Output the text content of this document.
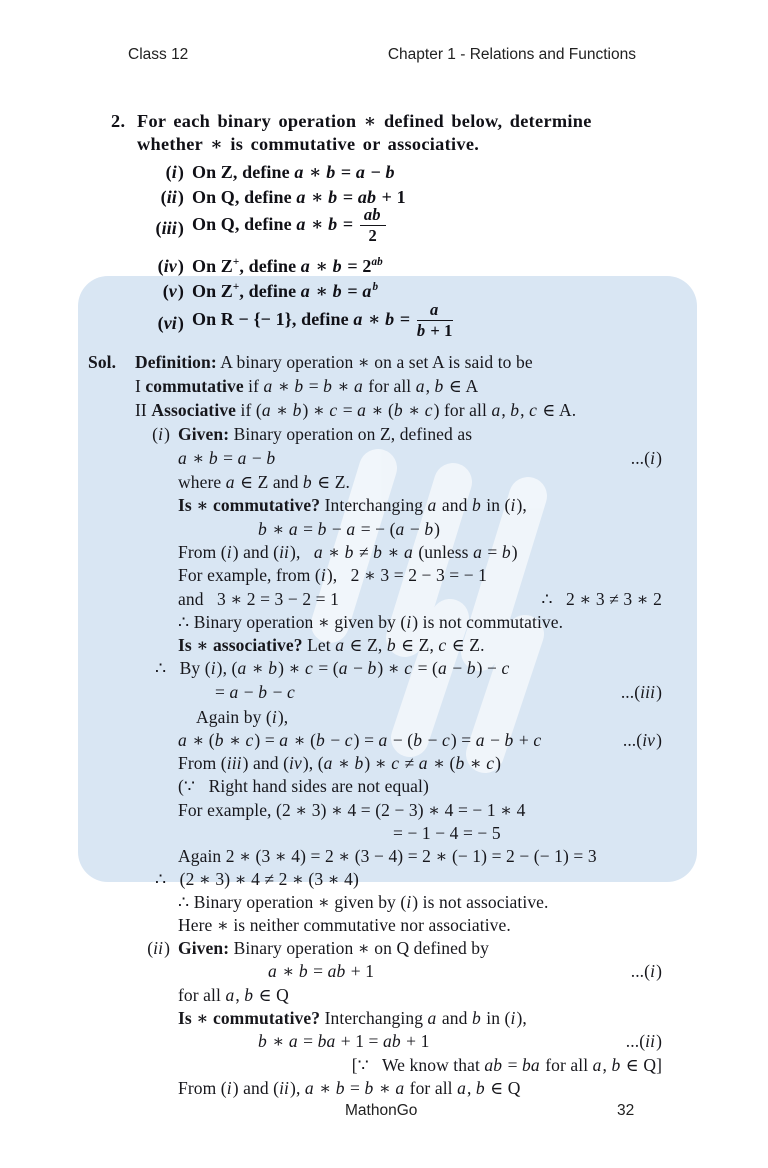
Class 12	Chapter 1 - Relations and Functions
2. For each binary operation ∗ defined below, determine
whether ∗ is commutative or associative.
(i) On Z, define a ∗ b = a − b
(ii) On Q, define a ∗ b = ab + 1
(iii) On Q, define a ∗ $b = \frac{ab}{2}$
(iv) On Z+, define a ∗ $b = 2^{ab}$
(v) On Z+, define a ∗ $b = a^b$
(vi) On R − {− 1}, define a ∗ $b = \frac{a}{b + 1}$
Sol. Definition: A binary operation ∗ on a set A is said to be
I commutative if a ∗ b = b ∗ a for all a, b ∈ A
II Associative if (a ∗ b) ∗ c = a ∗ (b ∗ c) for all a, b, c ∈ A.
(i) Given: Binary operation on Z, defined as
a ∗ b = a − b	...(i)
where a ∈ Z and b ∈ Z.
Is ∗ commutative? Interchanging a and b in (i),
b ∗ a = b − a = − (a − b)
From (i) and (ii),   a ∗ b ≠ b ∗ a (unless a = b)
For example, from (i),   2 ∗ 3 = 2 − 3 = − 1
and   3 ∗ 2 = 3 − 2 = 1	∴   2 ∗ 3 ≠ 3 ∗ 2
∴ Binary operation ∗ given by (i) is not commutative.
Is ∗ associative? Let a ∈ Z, b ∈ Z, c ∈ Z.
∴   By (i), (a ∗ b) ∗ c = (a − b) ∗ c = (a − b) − c
= a − b − c	...(iii)
Again by (i),
a ∗ (b ∗ c) = a ∗ (b − c) = a − (b − c) = a − b + c	...(iv)
From (iii) and (iv), (a ∗ b) ∗ c ≠ a ∗ (b ∗ c)
(∵   Right hand sides are not equal)
For example, (2 ∗ 3) ∗ 4 = (2 − 3) ∗ 4 = − 1 ∗ 4
= − 1 − 4 = − 5
Again 2 ∗ (3 ∗ 4) = 2 ∗ (3 − 4) = 2 ∗ (− 1) = 2 − (− 1) = 3
∴   (2 ∗ 3) ∗ 4 ≠ 2 ∗ (3 ∗ 4)
∴ Binary operation ∗ given by (i) is not associative.
Here ∗ is neither commutative nor associative.
(ii) Given: Binary operation ∗ on Q defined by
a ∗ b = ab + 1	...(i)
for all a, b ∈ Q
Is ∗ commutative? Interchanging a and b in (i),
b ∗ a = ba + 1 = ab + 1	...(ii)
[∵   We know that ab = ba for all a, b ∈ Q]
From (i) and (ii), a ∗ b = b ∗ a for all a, b ∈ Q
MathonGo	32
